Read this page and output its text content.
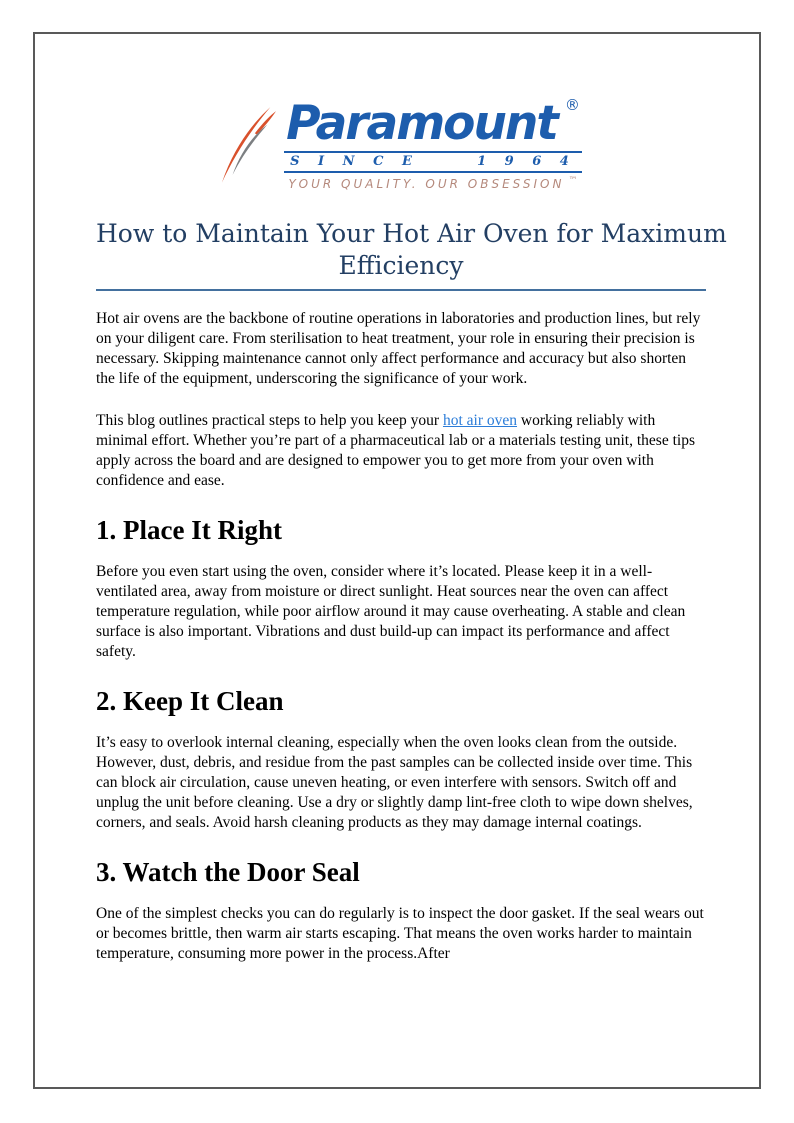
Paramount ®
S I N C E	1 9 6 4
YOUR QUALITY. OUR OBSESSION ™
How to Maintain Your Hot Air Oven for Maximum
Efficiency

Hot air ovens are the backbone of routine operations in laboratories and production lines, but rely on your diligent care. From sterilisation to heat treatment, your role in ensuring their precision is necessary. Skipping maintenance cannot only affect performance and accuracy but also shorten the life of the equipment, underscoring the significance of your work.

This blog outlines practical steps to help you keep your hot air oven working reliably with minimal effort. Whether you’re part of a pharmaceutical lab or a materials testing unit, these tips apply across the board and are designed to empower you to get more from your oven with confidence and ease.

1. Place It Right

Before you even start using the oven, consider where it’s located. Please keep it in a well-ventilated area, away from moisture or direct sunlight. Heat sources near the oven can affect temperature regulation, while poor airflow around it may cause overheating. A stable and clean surface is also important. Vibrations and dust build-up can impact its performance and affect safety.

2. Keep It Clean

It’s easy to overlook internal cleaning, especially when the oven looks clean from the outside. However, dust, debris, and residue from the past samples can be collected inside over time. This can block air circulation, cause uneven heating, or even interfere with sensors. Switch off and unplug the unit before cleaning. Use a dry or slightly damp lint-free cloth to wipe down shelves, corners, and seals. Avoid harsh cleaning products as they may damage internal coatings.

3. Watch the Door Seal

One of the simplest checks you can do regularly is to inspect the door gasket. If the seal wears out or becomes brittle, then warm air starts escaping. That means the oven works harder to maintain temperature, consuming more power in the process.After
